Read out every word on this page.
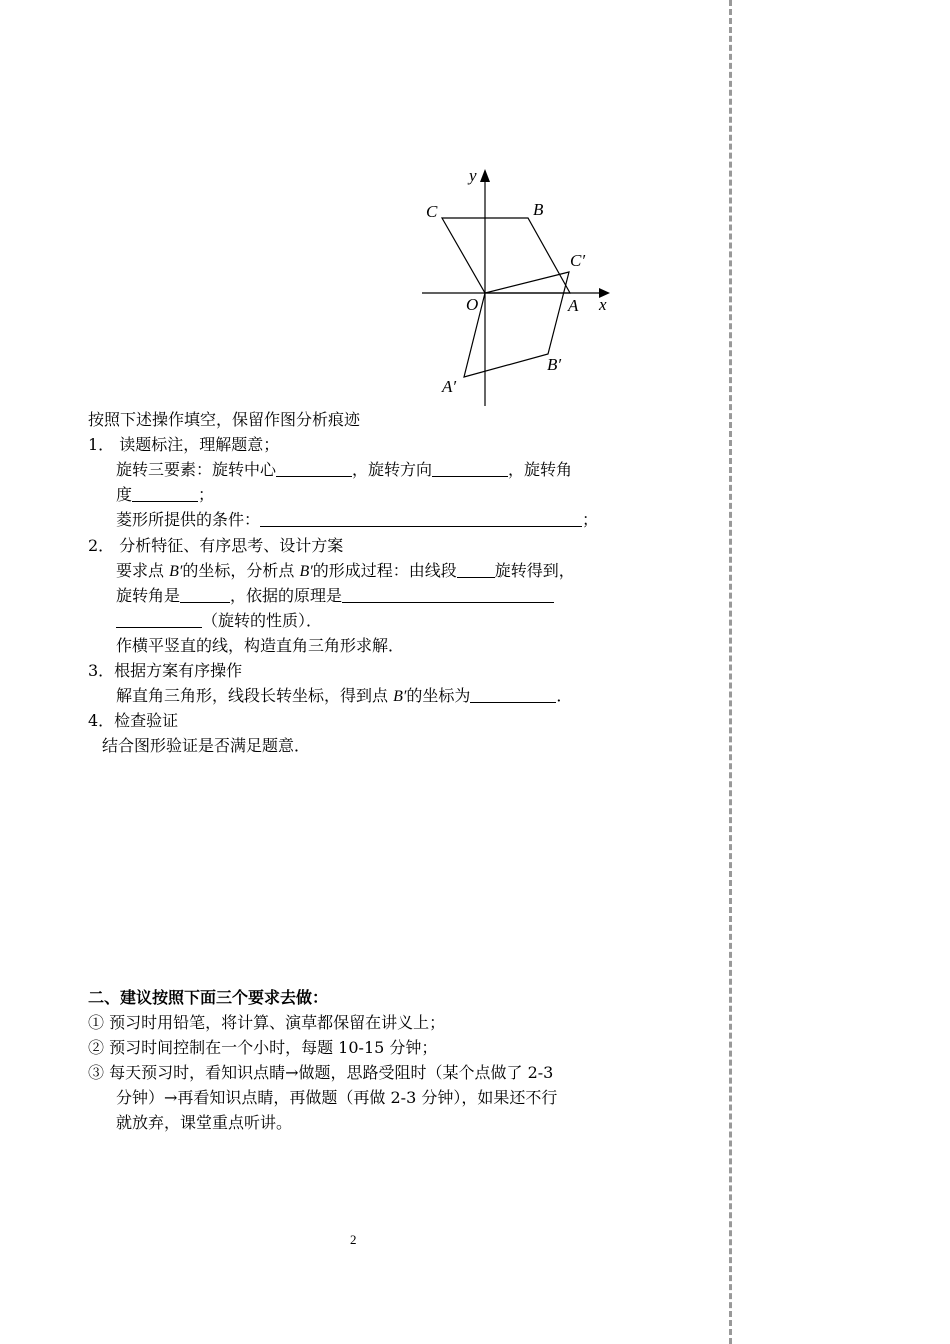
y
x
C	B
C′
O	A
B′
A′
按照下述操作填空，保留作图分析痕迹
1． 读题标注，理解题意；
旋转三要素：旋转中心	，旋转方向	，旋转角
度	；
菱形所提供的条件：	；
2． 分析特征、有序思考、设计方案
要求点 B′的坐标，分析点 B′的形成过程：由线段 旋转得到，
旋转角是	，依据的原理是
（旋转的性质）．
作横平竖直的线，构造直角三角形求解．
3．根据方案有序操作
解直角三角形，线段长转坐标，得到点 B′的坐标为	．
4．检查验证
结合图形验证是否满足题意．
二、建议按照下面三个要求去做：
① 预习时用铅笔，将计算、演草都保留在讲义上；
② 预习时间控制在一个小时，每题 10-15 分钟；
③ 每天预习时，看知识点睛→做题，思路受阻时（某个点做了 2-3
分钟）→再看知识点睛，再做题（再做 2-3 分钟），如果还不行
就放弃，课堂重点听讲。
2
